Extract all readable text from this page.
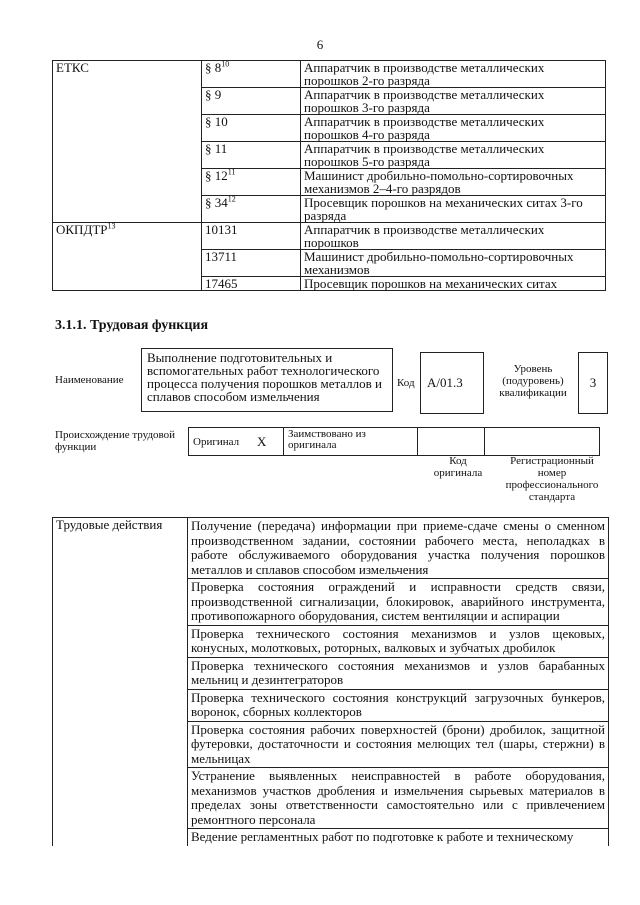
6
ЕТКС	§ $8^{10}$	Аппаратчик в производстве металлических порошков 2-го разряда
	§ 9	Аппаратчик в производстве металлических порошков 3-го разряда
	§ 10	Аппаратчик в производстве металлических порошков 4-го разряда
	§ 11	Аппаратчик в производстве металлических порошков 5-го разряда
	§ $12^{11}$	Машинист дробильно-помольно-сортировочных механизмов 2–4-го разрядов
	§ $34^{12}$	Просевщик порошков на механических ситах 3-го разряда
ОКПДТР$^{13}$	10131	Аппаратчик в производстве металлических порошков
	13711	Машинист дробильно-помольно-сортировочных механизмов
	17465	Просевщик порошков на механических ситах
3.1.1. Трудовая функция
Наименование
Выполнение подготовительных и вспомогательных работ технологического процесса получения порошков металлов и сплавов способом измельчения
Код А/01.3
Уровень (подуровень) квалификации
3
Происхождение трудовой функции	Оригинал	X	Заимствовано из оригинала		
Код оригинала
Регистрационный номер профессионального стандарта
Трудовые действия	Получение (передача) информации при приеме-сдаче смены о сменном производственном задании, состоянии рабочего места, неполадках в работе обслуживаемого оборудования участка получения порошков металлов и сплавов способом измельчения
Проверка состояния ограждений и исправности средств связи, производственной сигнализации, блокировок, аварийного инструмента, противопожарного оборудования, систем вентиляции и аспирации
Проверка технического состояния механизмов и узлов щековых, конусных, молотковых, роторных, валковых и зубчатых дробилок
Проверка технического состояния механизмов и узлов барабанных мельниц и дезинтеграторов
Проверка технического состояния конструкций загрузочных бункеров, воронок, сборных коллекторов
Проверка состояния рабочих поверхностей (брони) дробилок, защитной футеровки, достаточности и состояния мелющих тел (шары, стержни) в мельницах
Устранение выявленных неисправностей в работе оборудования, механизмов участков дробления и измельчения сырьевых материалов в пределах зоны ответственности самостоятельно или с привлечением ремонтного персонала
Ведение регламентных работ по подготовке к работе и техническому
